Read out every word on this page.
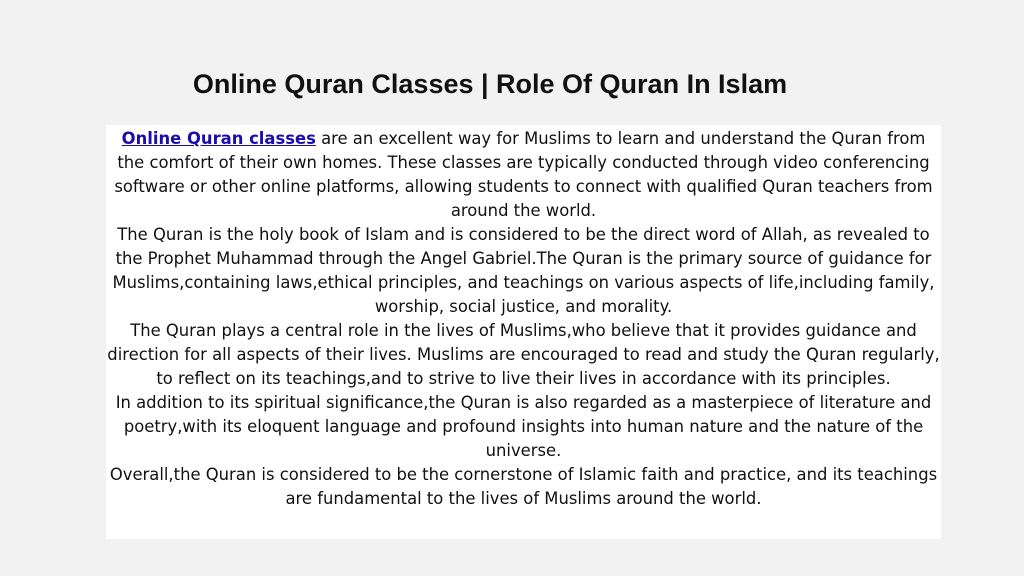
Online Quran Classes | Role Of Quran In Islam

Online Quran classes are an excellent way for Muslims to learn and understand the Quran from the comfort of their own homes. These classes are typically conducted through video conferencing software or other online platforms, allowing students to connect with qualified Quran teachers from around the world.

The Quran is the holy book of Islam and is considered to be the direct word of Allah, as revealed to the Prophet Muhammad through the Angel Gabriel.The Quran is the primary source of guidance for Muslims,containing laws,ethical principles, and teachings on various aspects of life,including family, worship, social justice, and morality.

The Quran plays a central role in the lives of Muslims,who believe that it provides guidance and direction for all aspects of their lives. Muslims are encouraged to read and study the Quran regularly, to reflect on its teachings,and to strive to live their lives in accordance with its principles.

In addition to its spiritual significance,the Quran is also regarded as a masterpiece of literature and poetry,with its eloquent language and profound insights into human nature and the nature of the universe.

Overall,the Quran is considered to be the cornerstone of Islamic faith and practice, and its teachings are fundamental to the lives of Muslims around the world.
